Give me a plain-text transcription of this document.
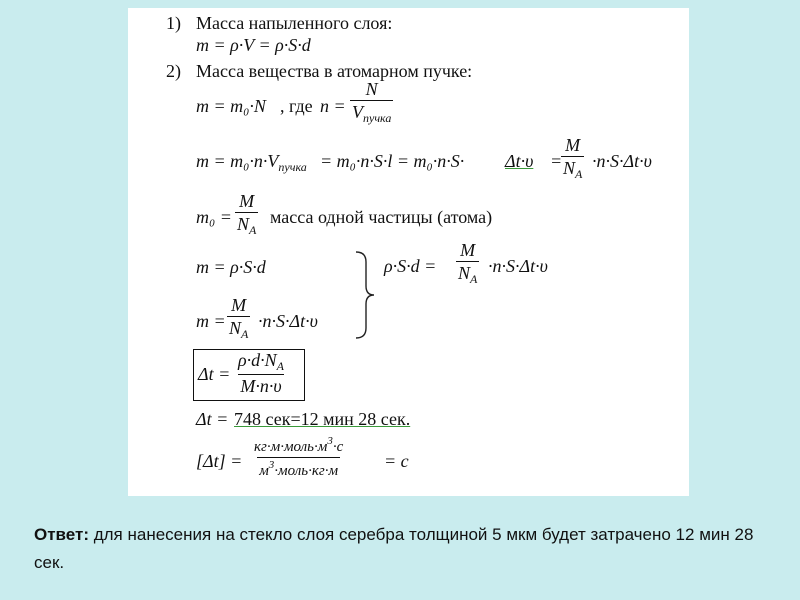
1) Масса напыленного слоя:
m = ρ·V = ρ·S·d
2) Масса вещества в атомарном пучке:
m = m₀·N , где n =
N
$V_{пучка}$
$m = m_0\cdot n\cdot V_{пучка} = m_0\cdot n\cdot S\cdot l = m_0\cdot n\cdot S\cdot \Delta t\cdot\upsilon$ =
$\frac{M}{N_A} \cdot n\cdot S\cdot\Delta t\cdot\upsilon$
$m_0 = \frac{M}{N_A}$ масса одной частицы (атома)
m = ρ·S·d
$m = \frac{M}{N_A} \cdot n\cdot S\cdot\Delta t\cdot\upsilon$
$\rho\cdot S\cdot d = \frac{M}{N_A} \cdot n\cdot S\cdot\Delta t\cdot\upsilon$
$\Delta t = \frac{\rho\cdot d\cdot N_A}{M\cdot n\cdot\upsilon}$
Δt = 748 сек=12 мин 28 сек.
[Δt] =
$кг\cdot м\cdot моль\cdot м^3\cdot с$
$м^3\cdot моль\cdot кг\cdot м$	= с
Ответ: для нанесения на стекло слоя серебра толщиной 5 мкм будет затрачено 12 мин 28 сек.
